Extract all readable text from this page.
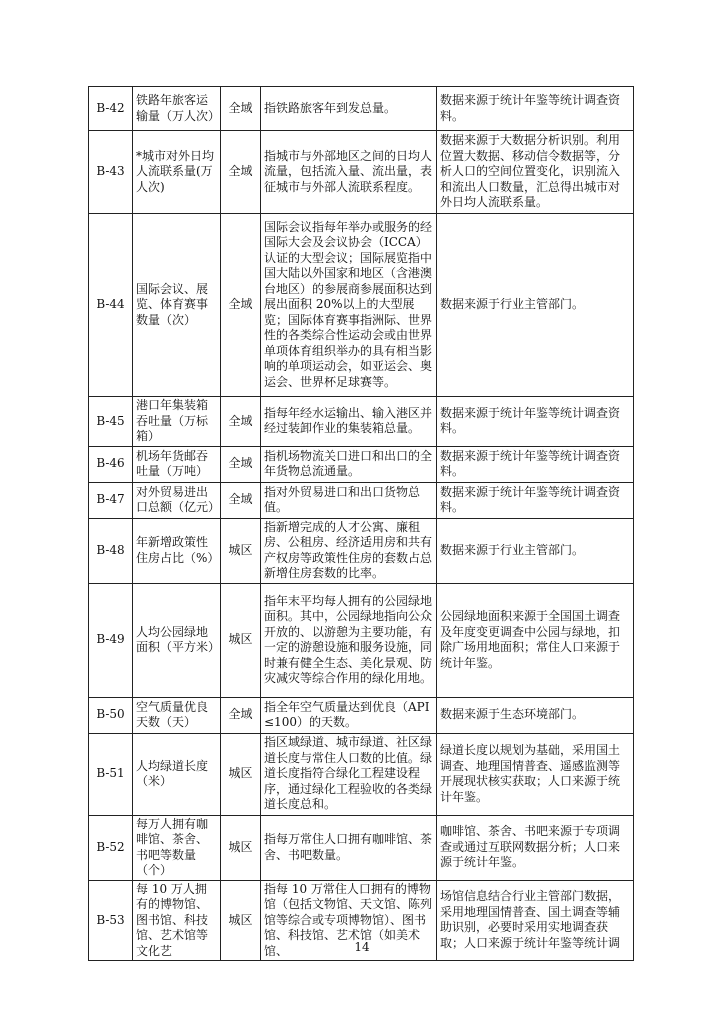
B-42	铁路年旅客运输量（万人次）	全域	指铁路旅客年到发总量。	数据来源于统计年鉴等统计调查资料。
B-43	*城市对外日均人流联系量(万人次)	全域	指城市与外部地区之间的日均人流量，包括流入量、流出量，表征城市与外部人流联系程度。	数据来源于大数据分析识别。利用位置大数据、移动信令数据等，分析人口的空间位置变化，识别流入和流出人口数量，汇总得出城市对外日均人流联系量。
B-44	国际会议、展览、体育赛事数量（次）	全域	国际会议指每年举办或服务的经国际大会及会议协会（ICCA）认证的大型会议；国际展览指中国大陆以外国家和地区（含港澳台地区）的参展商参展面积达到展出面积 20%以上的大型展览；国际体育赛事指洲际、世界性的各类综合性运动会或由世界单项体育组织举办的具有相当影响的单项运动会，如亚运会、奥运会、世界杯足球赛等。	数据来源于行业主管部门。
B-45	港口年集装箱吞吐量（万标箱）	全域	指每年经水运输出、输入港区并经过装卸作业的集装箱总量。	数据来源于统计年鉴等统计调查资料。
B-46	机场年货邮吞吐量（万吨）	全域	指机场物流关口进口和出口的全年货物总流通量。	数据来源于统计年鉴等统计调查资料。
B-47	对外贸易进出口总额（亿元）	全域	指对外贸易进口和出口货物总值。	数据来源于统计年鉴等统计调查资料。
B-48	年新增政策性住房占比（%）	城区	指新增完成的人才公寓、廉租房、公租房、经济适用房和共有产权房等政策性住房的套数占总新增住房套数的比率。	数据来源于行业主管部门。
B-49	人均公园绿地面积（平方米）	城区	指年末平均每人拥有的公园绿地面积。其中，公园绿地指向公众开放的、以游憩为主要功能，有一定的游憩设施和服务设施，同时兼有健全生态、美化景观、防灾减灾等综合作用的绿化用地。	公园绿地面积来源于全国国土调查及年度变更调查中公园与绿地，扣除广场用地面积；常住人口来源于统计年鉴。
B-50	空气质量优良天数（天）	全域	指全年空气质量达到优良（API≤100）的天数。	数据来源于生态环境部门。
B-51	人均绿道长度（米）	城区	指区域绿道、城市绿道、社区绿道长度与常住人口数的比值。绿道长度指符合绿化工程建设程序，通过绿化工程验收的各类绿道长度总和。	绿道长度以规划为基础，采用国土调查、地理国情普查、遥感监测等开展现状核实获取；人口来源于统计年鉴。
B-52	每万人拥有咖啡馆、茶舍、书吧等数量（个）	城区	指每万常住人口拥有咖啡馆、茶舍、书吧数量。	咖啡馆、茶舍、书吧来源于专项调查或通过互联网数据分析；人口来源于统计年鉴。
B-53	每 10 万人拥有的博物馆、图书馆、科技馆、艺术馆等文化艺	城区	指每 10 万常住人口拥有的博物馆（包括文物馆、天文馆、陈列馆等综合或专项博物馆）、图书馆、科技馆、艺术馆（如美术馆、	场馆信息结合行业主管部门数据，采用地理国情普查、国土调查等辅助识别，必要时采用实地调查获取；人口来源于统计年鉴等统计调
14
